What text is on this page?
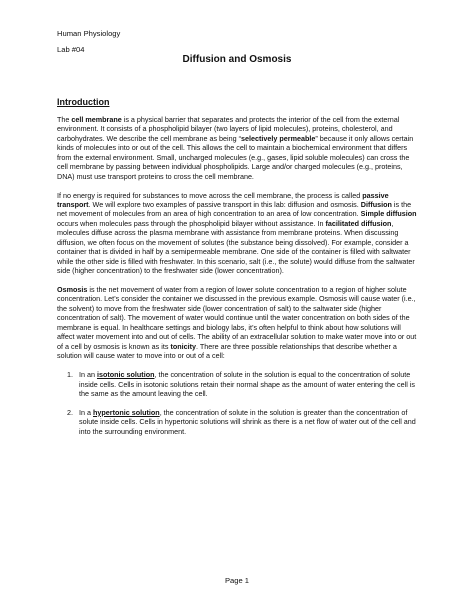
Human Physiology
Lab #04
Diffusion and Osmosis
Introduction

The cell membrane is a physical barrier that separates and protects the interior of the cell from the external environment. It consists of a phospholipid bilayer (two layers of lipid molecules), proteins, cholesterol, and carbohydrates. We describe the cell membrane as being “selectively permeable” because it only allows certain kinds of molecules into or out of the cell. This allows the cell to maintain a biochemical environment that differs from the external environment. Small, uncharged molecules (e.g., gases, lipid soluble molecules) can cross the cell membrane by passing between individual phospholipids. Large and/or charged molecules (e.g., proteins, DNA) must use transport proteins to cross the cell membrane.

If no energy is required for substances to move across the cell membrane, the process is called passive transport. We will explore two examples of passive transport in this lab: diffusion and osmosis. Diffusion is the net movement of molecules from an area of high concentration to an area of low concentration. Simple diffusion occurs when molecules pass through the phospholipid bilayer without assistance. In facilitated diffusion, molecules diffuse across the plasma membrane with assistance from membrane proteins. When discussing diffusion, we often focus on the movement of solutes (the substance being dissolved). For example, consider a container that is divided in half by a semipermeable membrane. One side of the container is filled with saltwater while the other side is filled with freshwater. In this scenario, salt (i.e., the solute) would diffuse from the saltwater side (higher concentration) to the freshwater side (lower concentration).

Osmosis is the net movement of water from a region of lower solute concentration to a region of higher solute concentration. Let’s consider the container we discussed in the previous example. Osmosis will cause water (i.e., the solvent) to move from the freshwater side (lower concentration of salt) to the saltwater side (higher concentration of salt). The movement of water would continue until the water concentration on both sides of the membrane is equal. In healthcare settings and biology labs, it’s often helpful to think about how solutions will affect water movement into and out of cells. The ability of an extracellular solution to make water move into or out of a cell by osmosis is known as its tonicity. There are three possible relationships that describe whether a solution will cause water to move into or out of a cell:

1. In an isotonic solution, the concentration of solute in the solution is equal to the concentration of solute inside cells. Cells in isotonic solutions retain their normal shape as the amount of water entering the cell is the same as the amount leaving the cell.
2. In a hypertonic solution, the concentration of solute in the solution is greater than the concentration of solute inside cells. Cells in hypertonic solutions will shrink as there is a net flow of water out of the cell and into the surrounding environment.
Page 1
